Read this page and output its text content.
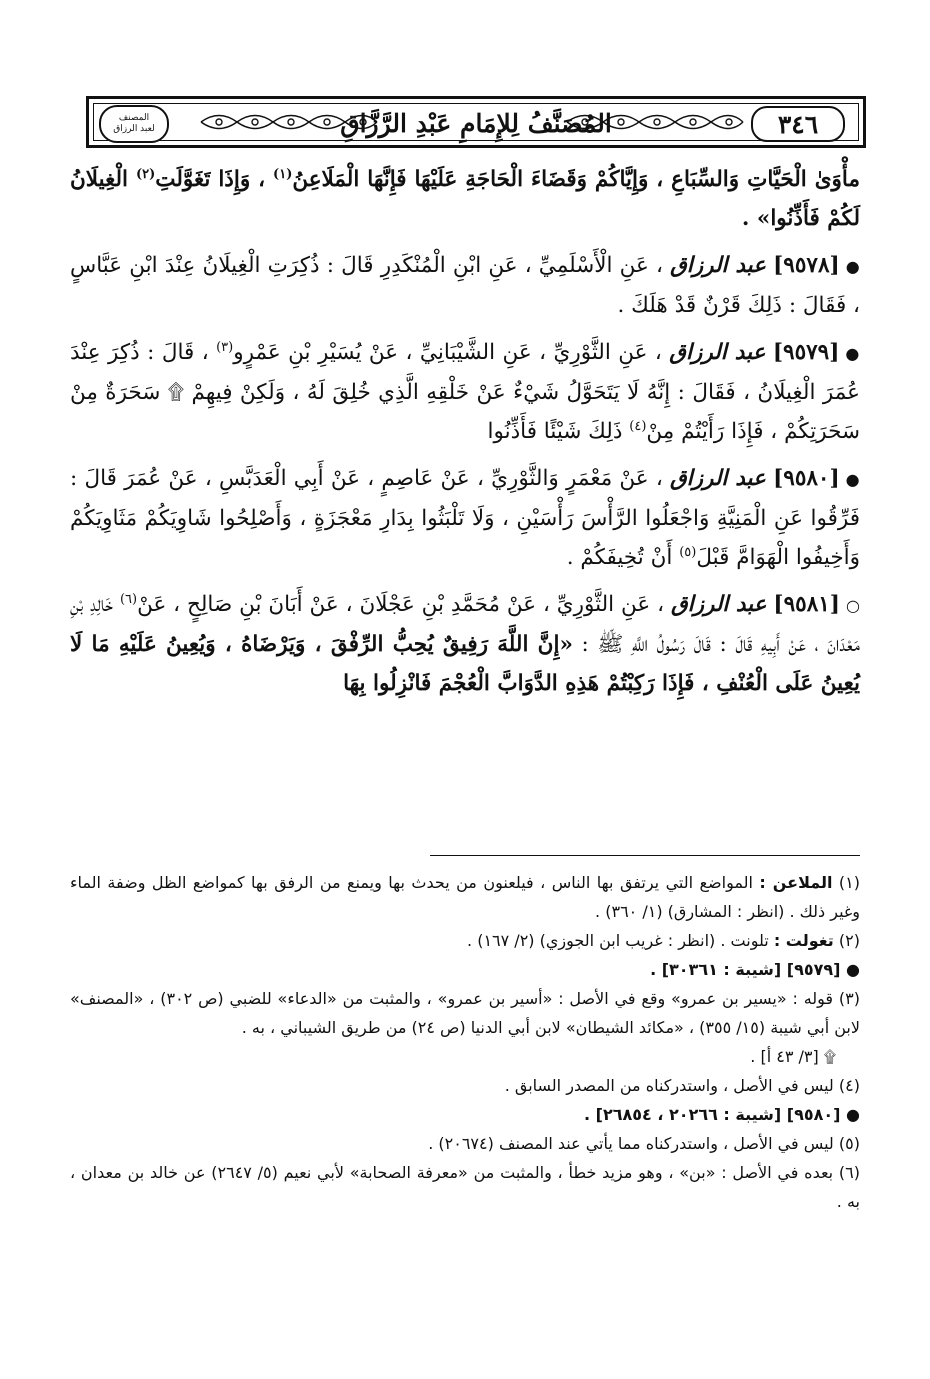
٣٤٦
المُصَنَّفُ لِلإِمَامِ عَبْدِ الرَّزَّاقِ
المصنف
لعبد الرزاق

مأْوَىٰ الْحَيَّاتِ وَالسِّبَاعِ ، وَإِيَّاكُمْ وَقَضَاءَ الْحَاجَةِ عَلَيْهَا فَإِنَّهَا الْمَلَاعِنُ$^{(١)}$ ، وَإِذَا تَغَوَّلَتِ$^{(٢)}$ الْغِيلَانُ لَكُمْ فَأَذِّنُوا» .

●[٩٥٧٨] عبد الرزاق ، عَنِ الْأَسْلَمِيِّ ، عَنِ ابْنِ الْمُنْكَدِرِ قَالَ : ذُكِرَتِ الْغِيلَانُ عِنْدَ ابْنِ عَبَّاسٍ ، فَقَالَ : ذَلِكَ قَرْنٌ قَدْ هَلَكَ .

●[٩٥٧٩] عبد الرزاق ، عَنِ الثَّوْرِيِّ ، عَنِ الشَّيْبَانِيِّ ، عَنْ يُسَيْرِ بْنِ عَمْرٍو$^{(٣)}$ ، قَالَ : ذُكِرَ عِنْدَ عُمَرَ الْغِيلَانُ ، فَقَالَ : إِنَّهُ لَا يَتَحَوَّلُ شَيْءٌ عَنْ خَلْقِهِ الَّذِي خُلِقَ لَهُ ، وَلَكِنْ فِيهِمْ ۩ سَحَرَةٌ مِنْ سَحَرَتِكُمْ ، فَإِذَا رَأَيْتُمْ مِنْ$^{(٤)}$ ذَلِكَ شَيْئًا فَأَذِّنُوا

●[٩٥٨٠] عبد الرزاق ، عَنْ مَعْمَرٍ وَالثَّوْرِيِّ ، عَنْ عَاصِمٍ ، عَنْ أَبِي الْعَدَبَّسِ ، عَنْ عُمَرَ قَالَ : فَرِّقُوا عَنِ الْمَنِيَّةِ وَاجْعَلُوا الرَّأْسَ رَأْسَيْنِ ، وَلَا تَلْبَثُوا بِدَارِ مَعْجَزَةٍ ، وَأَصْلِحُوا شَاوِيَكُمْ مَثَاوِيَكُمْ وَأَخِيفُوا الْهَوَامَّ قَبْلَ$^{(٥)}$ أَنْ تُخِيفَكُمْ .

○[٩٥٨١] عبد الرزاق ، عَنِ الثَّوْرِيِّ ، عَنْ مُحَمَّدِ بْنِ عَجْلَانَ ، عَنْ أَبَانَ بْنِ صَالِحٍ ، عَنْ$^{(٦)}$ خَالِدِ بْنِ مَعْدَانَ ، عَنْ أَبِيهِ قَالَ : قَالَ رَسُولُ اللَّهِ ﷺ : «إِنَّ اللَّهَ رَفِيقٌ يُحِبُّ الرِّفْقَ ، وَيَرْضَاهُ ، وَيُعِينُ عَلَيْهِ مَا لَا يُعِينُ عَلَى الْعُنْفِ ، فَإِذَا رَكِبْتُمْ هَذِهِ الدَّوَابَّ الْعُجْمَ فَانْزِلُوا بِهَا

(١) الملاعن : المواضع التي يرتفق بها الناس ، فيلعنون من يحدث بها ويمنع من الرفق بها كمواضع الظل وضفة الماء وغير ذلك . (انظر : المشارق) (١/ ٣٦٠) .

(٢) تغولت : تلونت . (انظر : غريب ابن الجوزي) (٢/ ١٦٧) .

● [٩٥٧٩] [شيبة : ٣٠٣٦١] .

(٣) قوله : «يسير بن عمرو» وقع في الأصل : «أسير بن عمرو» ، والمثبت من «الدعاء» للضبي (ص ٣٠٢) ، «المصنف» لابن أبي شيبة (١٥/ ٣٥٥) ، «مكائد الشيطان» لابن أبي الدنيا (ص ٢٤) من طريق الشيباني ، به .

۩ [٣/ ٤٣ أ] .

(٤) ليس في الأصل ، واستدركناه من المصدر السابق .

● [٩٥٨٠] [شيبة : ٢٠٢٦٦ ، ٢٦٨٥٤] .

(٥) ليس في الأصل ، واستدركناه مما يأتي عند المصنف (٢٠٦٧٤) .

(٦) بعده في الأصل : «بن» ، وهو مزيد خطأ ، والمثبت من «معرفة الصحابة» لأبي نعيم (٥/ ٢٦٤٧) عن خالد بن معدان ، به .
